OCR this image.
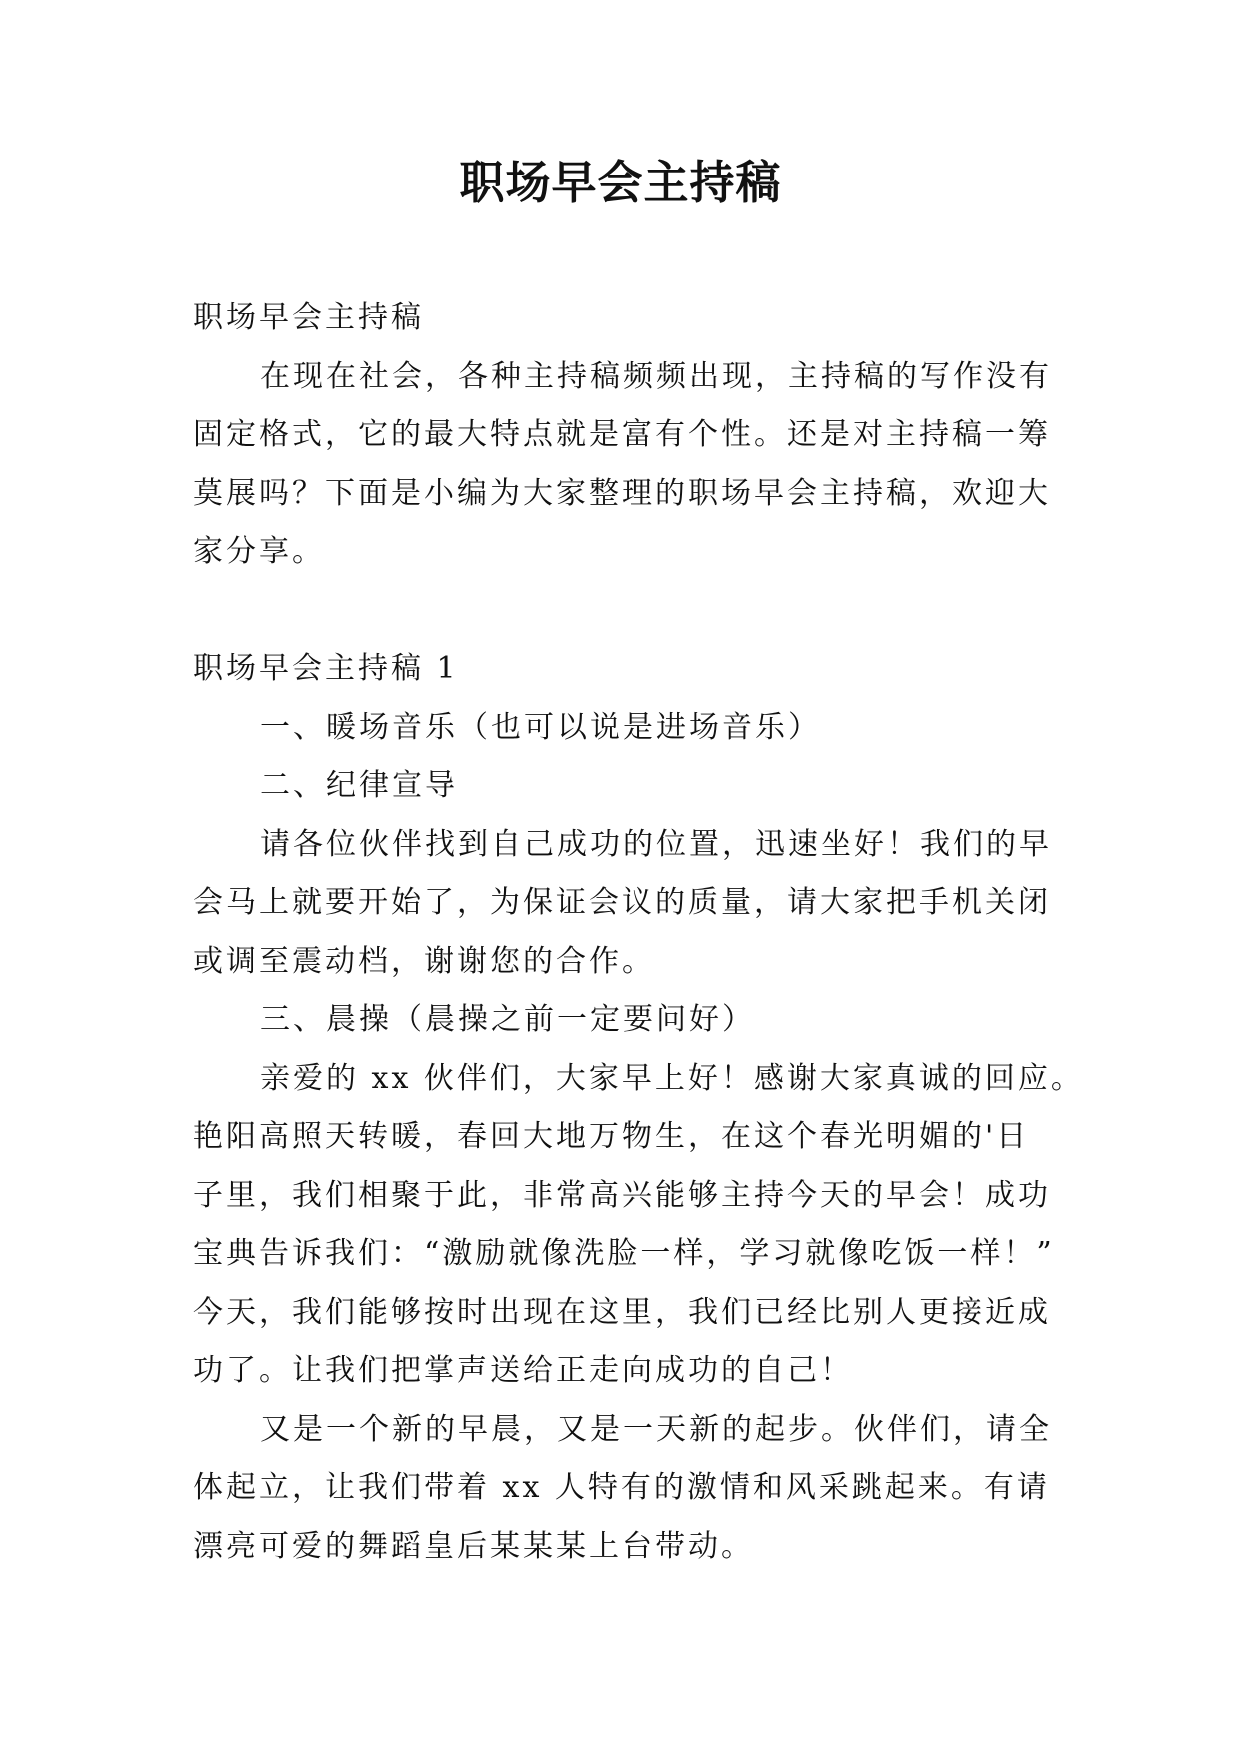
职场早会主持稿
职场早会主持稿
在现在社会，各种主持稿频频出现，主持稿的写作没有
固定格式，它的最大特点就是富有个性。还是对主持稿一筹
莫展吗？下面是小编为大家整理的职场早会主持稿，欢迎大
家分享。
职场早会主持稿 1
一、暖场音乐（也可以说是进场音乐）
二、纪律宣导
请各位伙伴找到自己成功的位置，迅速坐好！我们的早
会马上就要开始了，为保证会议的质量，请大家把手机关闭
或调至震动档，谢谢您的合作。
三、晨操（晨操之前一定要问好）
亲爱的 xx 伙伴们，大家早上好！感谢大家真诚的回应。
艳阳高照天转暖，春回大地万物生，在这个春光明媚的'日
子里，我们相聚于此，非常高兴能够主持今天的早会！成功
宝典告诉我们：“激励就像洗脸一样，学习就像吃饭一样！”
今天，我们能够按时出现在这里，我们已经比别人更接近成
功了。让我们把掌声送给正走向成功的自己！
又是一个新的早晨，又是一天新的起步。伙伴们，请全
体起立，让我们带着 xx 人特有的激情和风采跳起来。有请
漂亮可爱的舞蹈皇后某某某上台带动。
